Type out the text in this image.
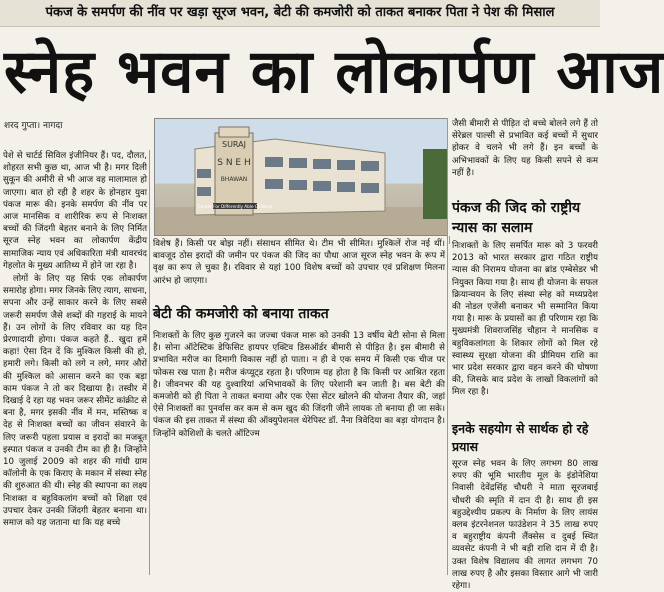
पंकज के समर्पण की नींव पर खड़ा सूरज भवन, बेटी की कमजोरी को ताकत बनाकर पिता ने पेश की मिसाल
स्नेह भवन का लोकार्पण आज
शरद गुप्ता। नागदा
SURAJ
S N E H
BHAWAN
Center For Differently Able Children

पेशे से चार्टर्ड सिविल इंजीनियर हैं। पद, दौलत, शोहरत सभी कुछ था, आज भी है। मगर दिली सुकून की अमीरी से भी आज वह मालामाल हो जाएगा। बात हो रही है शहर के होनहार युवा पंकज मारू की। इनके समर्पण की नींव पर आज मानसिक व शारीरिक रूप से निःशक्त बच्चों की जिंदगी बेहतर बनाने के लिए निर्मित सूरज स्नेह भवन का लोकार्पण केंद्रीय सामाजिक न्याय एवं अधिकारिता मंत्री थावरचंद गेहलोत के मुख्य आतिथ्य में होने जा रहा है।

लोगों के लिए यह सिर्फ एक लोकार्पण समारोह होगा। मगर जिनके लिए त्याग, साधना, सपना और उन्हें साकार करने के लिए सबसे जरूरी समर्पण जैसे शब्दों की गहराई के मायने हैं। उन लोगों के लिए रविवार का यह दिन प्रेरणादायी होगा। पंकज कहते हैं.. खुदा हमें कहा! ऐसा दिन दें कि मुश्किल किसी की हो, हमारी लगे। किसी को लगे न लगे, मगर औरों की मुश्किल को आसान करने का एक बड़ा काम पंकज ने तो कर दिखाया है। तस्वीर में दिखाई दे रहा यह भवन जरूर सीमेंट कांक्रीट से बना है, मगर इसकी नींव में मन, मस्तिष्क व देह से निःशक्त बच्चों का जीवन संवारने के लिए जरूरी पहला प्रयास व इरादों का मजबूत इस्पात पंकज व उनकी टीम का ही है। जिन्होंने 10 जुलाई 2009 को शहर की गांधी ग्राम कॉलोनी के एक किराए के मकान में संस्था स्नेह की शुरुआत की थी। स्नेह की स्थापना का लक्ष्य निःशक्त व बहुविकलांग बच्चों को शिक्षा एवं उपचार देकर उनकी जिंदगी बेहतर बनाना था। समाज को यह जताना था कि यह बच्चे

विशेष हैं। किसी पर बोझ नहीं। संसाधन सीमित थे। टीम भी सीमित। मुश्किलें रोज नई थीं। बावजूद ठोस इरादों की जमीन पर पंकज की जिद का पौधा आज सूरज स्नेह भवन के रूप में वृक्ष का रूप ले चुका है। रविवार से यहां 100 विशेष बच्चों को उपचार एवं प्रशिक्षण मिलना आरंभ हो जाएगा।
बेटी की कमजोरी को बनाया ताकत
निःशक्तों के लिए कुछ गुजरने का जज्बा पंकज मारू को उनकी 13 वर्षीय बेटी सोना से मिला है। सोना ऑटेस्टिक डेफिसिट हायपर एक्टिव डिसऑर्डर बीमारी से पीड़ित है। इस बीमारी से प्रभावित मरीज का दिमागी विकास नहीं हो पाता। न ही वे एक समय में किसी एक चीज पर फोकस रख पाता है। मरीज कंप्यूट्ड रहता है। परिणाम यह होता है कि किसी पर आश्रित रहता है। जीवनभर की यह दुश्वारियां अभिभावकों के लिए परेशानी बन जाती है। बस बेटी की कमजोरी को ही पिता ने ताकत बनाया और एक ऐसा सेंटर खोलने की योजना तैयार की, जहां ऐसे निःशक्तों का पुनर्वास कर कम से कम खुद की जिंदगी जीने लायक तो बनाया ही जा सके। पंकज की इस ताकत में संस्था की ऑक्युपेशनल थेरेपिस्ट डॉ. नैना त्रिवेदिया का बड़ा योगदान है। जिन्होंने कोशिशों के चलते ऑटिज्म
जैसी बीमारी से पीड़ित दो बच्चे बोलने लगे हैं तो सेरेब्रल पाल्सी से प्रभावित कई बच्चों में सुधार होकर वे चलने भी लगे हैं। इन बच्चों के अभिभावकों के लिए यह किसी सपने से कम नहीं है।
पंकज की जिद को राष्ट्रीय न्यास का सलाम
निःशक्तों के लिए समर्पित मारू को 3 फरवरी 2013 को भारत सरकार द्वारा गठित राष्ट्रीय न्यास की निरामय योजना का ब्रांड एम्बेसेडर भी नियुक्त किया गया है। साथ ही योजना के सफल क्रियान्वयन के लिए संस्था स्नेह को मध्यप्रदेश की नोडल एजेंसी बनाकर भी सम्मानित किया गया है। मारू के प्रयासों का ही परिणाम रहा कि मुख्यमंत्री शिवराजसिंह चौहान ने मानसिक व बहुविकलांगता के शिकार लोगों को मिल रहे स्वास्थ्य सुरक्षा योजना की प्रीमियम राशि का भार प्रदेश सरकार द्वारा वहन करने की घोषणा की, जिसके बाद प्रदेश के लाखों विकलांगों को मिल रहा है।
इनके सहयोग से सार्थक हो रहे प्रयास
सूरज स्नेह भवन के लिए लगभग 80 लाख रुपए की भूमि भारतीय मूल के इंडोनेशिया निवासी देवेंद्रसिंह चौधरी ने माता सूरजबाई चौधरी की स्मृति में दान दी है। साथ ही इस बहुउद्देश्यीय प्रकल्प के निर्माण के लिए लायंस क्लब इंटरनेशनल फाउंडेशन ने 35 लाख रुपए व बहुराष्ट्रीय कंपनी लैंक्सेस व दुबई स्थित व्यवसेट कंपनी ने भी बड़ी राशि दान में दी है। उक्त विशेष विद्यालय की लागत लगभग 70 लाख रुपए है और इसका विस्तार आगे भी जारी रहेगा।
